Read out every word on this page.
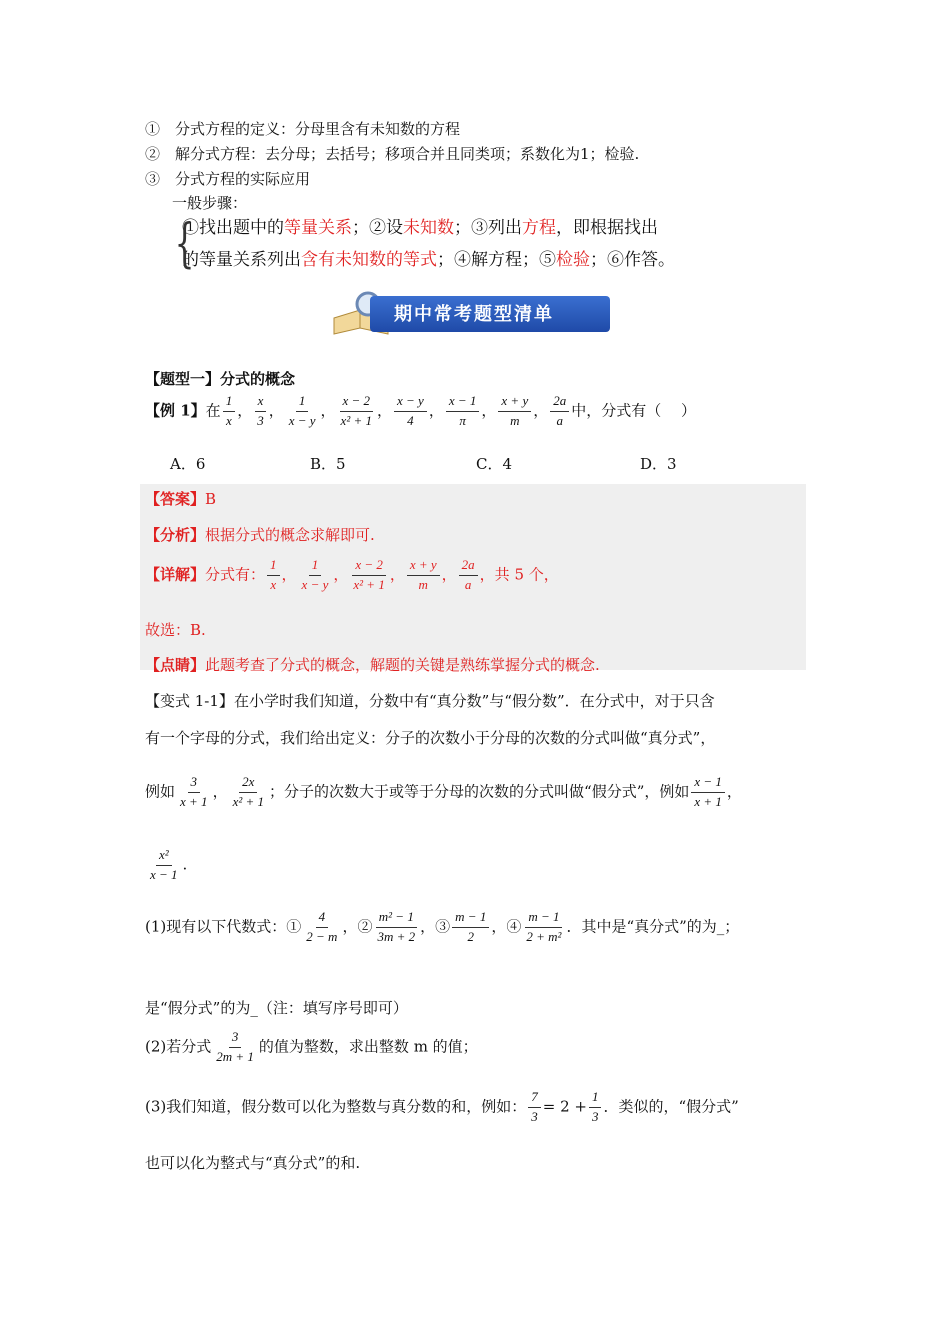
①　分式方程的定义：分母里含有未知数的方程
②　解分式方程：去分母；去括号；移项合并且同类项；系数化为1；检验.
③　分式方程的实际应用
一般步骤：
{
①找出题中的等量关系；②设未知数；③列出方程，即根据找出
的等量关系列出含有未知数的等式；④解方程；⑤检验；⑥作答。
期中常考题型清单
【题型一】分式的概念
【例 1】在 $\frac{1}{x}$ ， $\frac{x}{3}$ ， $\frac{1}{x - y}$ ， $\frac{x - 2}{\text{x² + 1}}$ ， $\frac{x - y}{4}$ ， $\frac{x - 1}{\pi}$ ， $\frac{x + y}{m}$ ， $\frac{2a}{a}$ 中，分式有（　 ）
A．6	B．5	C．4	D．3
【答案】B
【分析】根据分式的概念求解即可.
【详解】分式有： $\frac{1}{x}$ ， $\frac{1}{x - y}$ ， $\frac{x - 2}{\text{x² + 1}}$ ， $\frac{x + y}{m}$ ， $\frac{2a}{a}$ ，共 5 个，
故选：B.
【点睛】此题考查了分式的概念，解题的关键是熟练掌握分式的概念.
【变式 1-1】在小学时我们知道，分数中有“真分数”与“假分数”．在分式中，对于只含
有一个字母的分式，我们给出定义：分子的次数小于分母的次数的分式叫做“真分式”，
例如 $\frac{3}{x + 1}$ ， $\frac{2x}{\text{x² + 1}}$ ；分子的次数大于或等于分母的次数的分式叫做“假分式”，例如 $\frac{x - 1}{x + 1}$ ，
$\frac{\text{x²}}{x - 1}$ .
(1)现有以下代数式：① $\frac{4}{2 - m}$ ，② $\frac{\text{m² − 1}}{3m + 2}$ ，③ $\frac{m - 1}{2}$ ，④ $\frac{m - 1}{\text{2 + m²}}$ ．其中是“真分式”的为_；
是“假分式”的为_（注：填写序号即可）
(2)若分式 $\frac{3}{2m + 1}$ 的值为整数，求出整数 m 的值；
(3)我们知道，假分数可以化为整数与真分数的和，例如： $\frac{7}{3} = 2 + \frac{1}{3}$ ．类似的，“假分式”
也可以化为整式与“真分式”的和.
